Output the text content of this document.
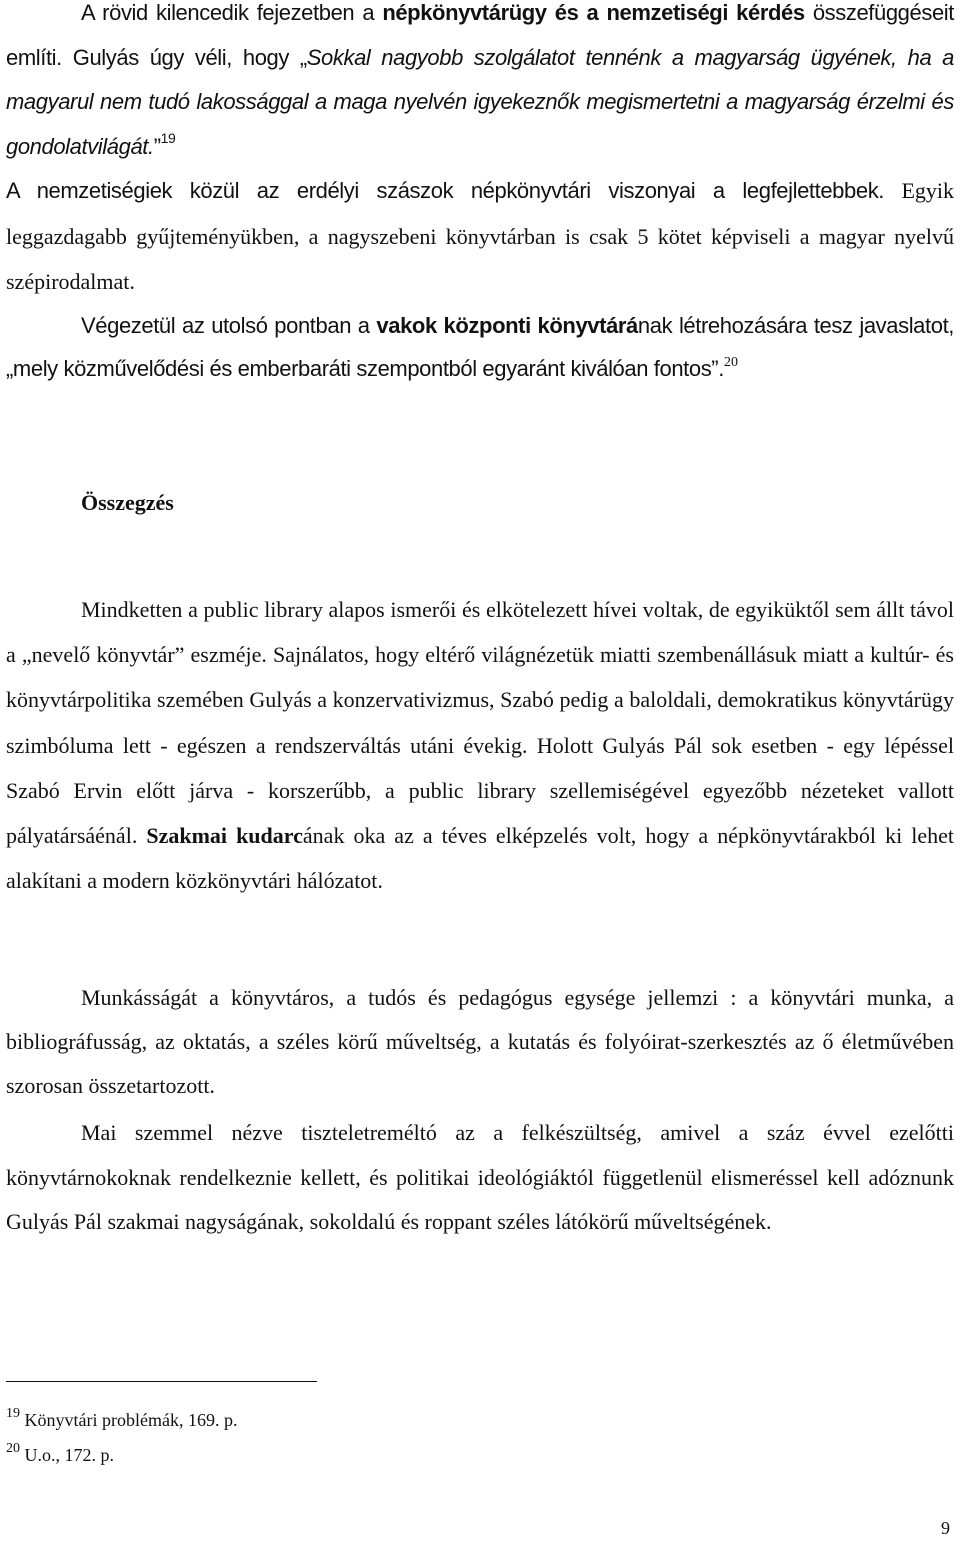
A rövid kilencedik fejezetben a népkönyvtárügy és a nemzetiségi kérdés összefüggéseit említi. Gulyás úgy véli, hogy „Sokkal nagyobb szolgálatot tennénk a magyarság ügyének, ha a magyarul nem tudó lakossággal a maga nyelvén igyekeznők megismertetni a magyarság érzelmi és gondolatvilágát.”$^{19}$

A nemzetiségiek közül az erdélyi szászok népkönyvtári viszonyai a legfejlettebbek. Egyik leggazdagabb gyűjteményükben, a nagyszebeni könyvtárban is csak 5 kötet képviseli a magyar nyelvű szépirodalmat.

Végezetül az utolsó pontban a vakok központi könyvtárának létrehozására tesz javaslatot, „mely közművelődési és emberbaráti szempontból egyaránt kiválóan fontos”.$^{20}$

Összegzés

Mindketten a public library alapos ismerői és elkötelezett hívei voltak, de egyiküktől sem állt távol a „nevelő könyvtár” eszméje. Sajnálatos, hogy eltérő világnézetük miatti szembenállásuk miatt a kultúr- és könyvtárpolitika szemében Gulyás a konzervativizmus, Szabó pedig a baloldali, demokratikus könyvtárügy szimbóluma lett - egészen a rendszerváltás utáni évekig. Holott Gulyás Pál sok esetben - egy lépéssel Szabó Ervin előtt járva - korszerűbb, a public library szellemiségével egyezőbb nézeteket vallott pályatársáénál. Szakmai kudarcának oka az a téves elképzelés volt, hogy a népkönyvtárakból ki lehet alakítani a modern közkönyvtári hálózatot.

Munkásságát a könyvtáros, a tudós és pedagógus egysége jellemzi : a könyvtári munka, a bibliográfusság, az oktatás, a széles körű műveltség, a kutatás és folyóirat-szerkesztés az ő életművében szorosan összetartozott.

Mai szemmel nézve tiszteletreméltó az a felkészültség, amivel a száz évvel ezelőtti könyvtárnokoknak rendelkeznie kellett, és politikai ideológiáktól függetlenül elismeréssel kell adóznunk Gulyás Pál szakmai nagyságának, sokoldalú és roppant széles látókörű műveltségének.

$^{19}$ Könyvtári problémák, 169. p.
$^{20}$ U.o., 172. p.
9
